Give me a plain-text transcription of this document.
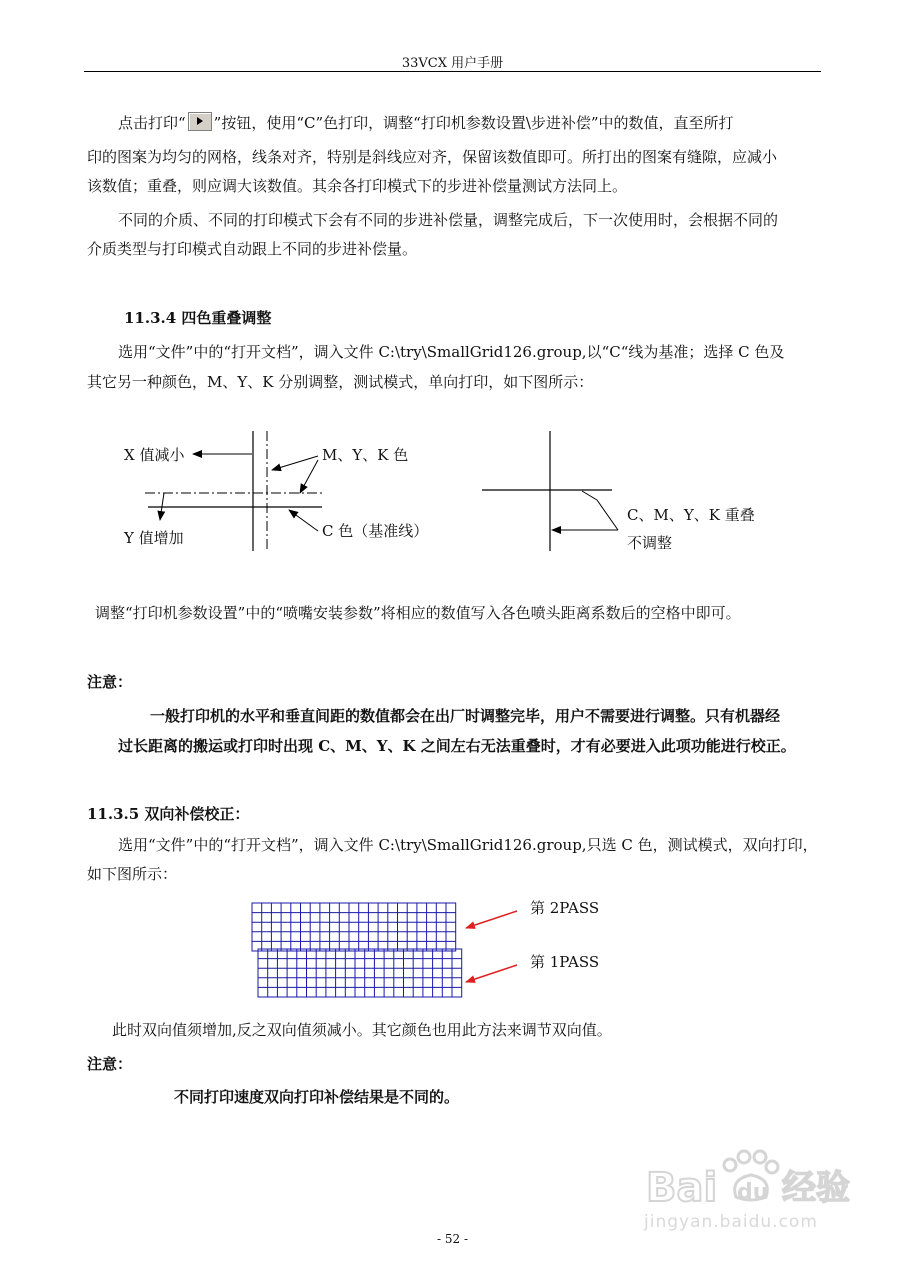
33VCX 用户手册
点击打印“ ”按钮，使用“C”色打印，调整“打印机参数设置\步进补偿”中的数值，直至所打
印的图案为均匀的网格，线条对齐，特别是斜线应对齐，保留该数值即可。所打出的图案有缝隙，应减小
该数值；重叠，则应调大该数值。其余各打印模式下的步进补偿量测试方法同上。
不同的介质、不同的打印模式下会有不同的步进补偿量，调整完成后，下一次使用时，会根据不同的
介质类型与打印模式自动跟上不同的步进补偿量。
11.3.4 四色重叠调整
选用“文件”中的“打开文档”，调入文件 C:\try\SmallGrid126.group,以“C“线为基准；选择 C 色及
其它另一种颜色，M、Y、K 分别调整，测试模式，单向打印，如下图所示：
X 值减小	M、Y、K 色
Y 值增加	C 色（基准线）
C、M、Y、K 重叠
不调整
调整“打印机参数设置”中的“喷嘴安装参数”将相应的数值写入各色喷头距离系数后的空格中即可。
注意：
一般打印机的水平和垂直间距的数值都会在出厂时调整完毕，用户不需要进行调整。只有机器经
过长距离的搬运或打印时出现 C、M、Y、K 之间左右无法重叠时，才有必要进入此项功能进行校正。
11.3.5 双向补偿校正：
选用“文件”中的“打开文档”，调入文件 C:\try\SmallGrid126.group,只选 C 色，测试模式，双向打印，
如下图所示：
第 2PASS
第 1PASS
此时双向值须增加,反之双向值须减小。其它颜色也用此方法来调节双向值。
注意：
不同打印速度双向打印补偿结果是不同的。
Bai du 经验
jingyan.baidu.com
- 52 -
